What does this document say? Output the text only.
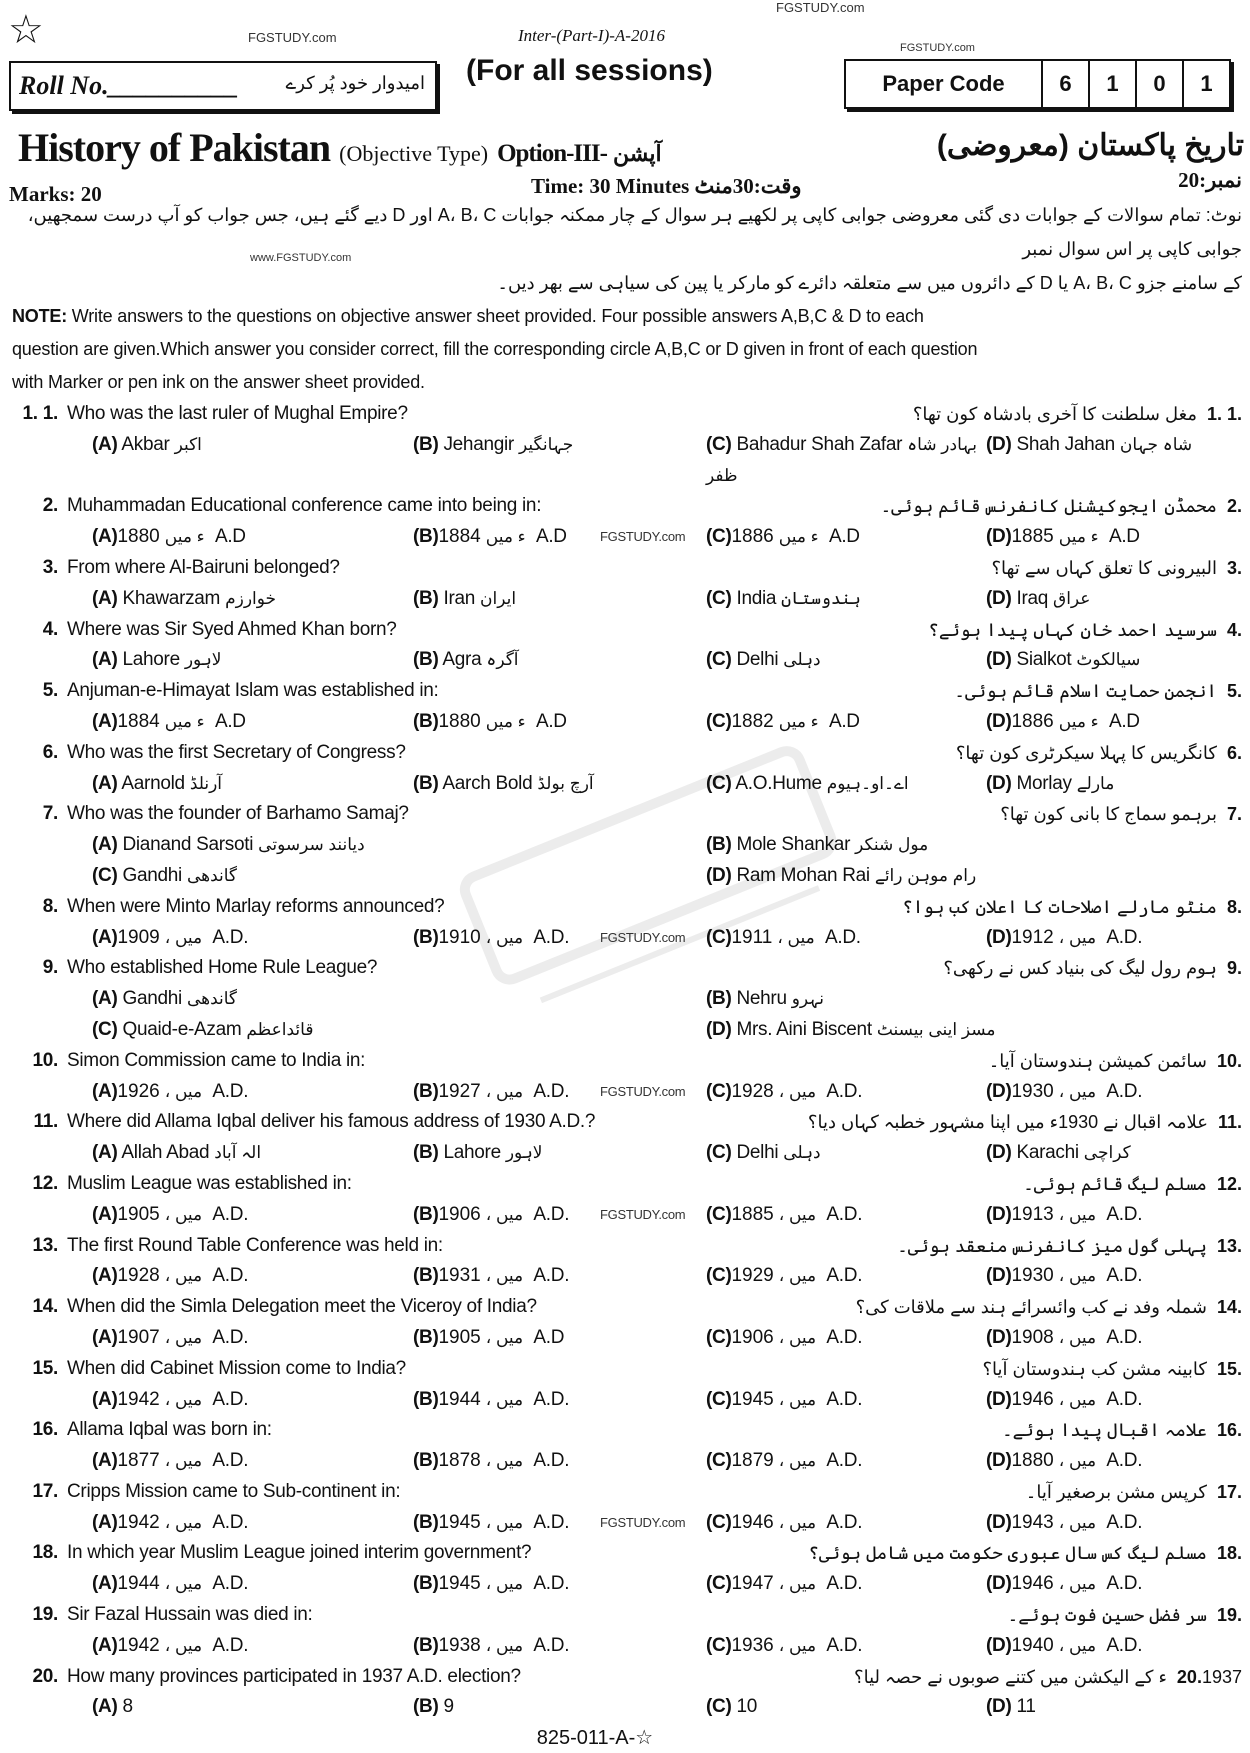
☆
FGSTUDY.com
FGSTUDY.com
FGSTUDY.com
www.FGSTUDY.com
Inter-(Part-I)-A-2016
Roll No.__________	امیدوار خود پُر کرے (For all sessions)	Paper Code	6	1	0	1
History of Pakistan (Objective Type) Option-III- آپشن	تاریخ پاکستان (معروضی)
Marks: 20
نمبر:20
Time: 30 Minutes وقت:30منٹ
نوٹ: تمام سوالات کے جوابات دی گئی معروضی جوابی کاپی پر لکھیے ہر سوال کے چار ممکنہ جوابات A، B، C اور D دیے گئے ہیں، جس جواب کو آپ درست سمجھیں، جوابی کاپی پر اس سوال نمبر
کے سامنے جزو A، B، C یا D کے دائروں میں سے متعلقہ دائرے کو مارکر یا پین کی سیاہی سے بھر دیں۔
NOTE: Write answers to the questions on objective answer sheet provided. Four possible answers A,B,C & D to each
question are given.Which answer you consider correct, fill the corresponding circle A,B,C or D given in front of each question
with Marker or pen ink on the answer sheet provided.
1. 1. Who was the last ruler of Mughal Empire?	1. 1.مغل سلطنت کا آخری بادشاہ کون تھا؟
(A) Akbar اکبر	(B) Jehangir جہانگیر	(C) Bahadur Shah Zafar بہادر شاہ ظفر
(D) Shah Jahan شاہ جہان
2. Muhammadan Educational conference came into being in:	2.محمڈن ایجوکیشنل کانفرنس قائم ہوئی۔
(A)	ء میں1880 A.D	(B)	ء میں1884 A.D	(C)	ء میں1886 A.D	(D)	ء میں1885 A.D
FGSTUDY.com
3. From where Al-Bairuni belonged?	3.البیرونی کا تعلق کہاں سے تھا؟
(A) Khawarzam خوارزم	(B) Iran ایران	(C) India ہندوستان	(D) Iraq عراق
4. Where was Sir Syed Ahmed Khan born?	4.سرسید احمد خان کہاں پیدا ہوئے؟
(A) Lahore لاہور	(B) Agra آگرہ	(C) Delhi دہلی	(D) Sialkot سیالکوٹ
5. Anjuman-e-Himayat Islam was established in:	5.انجمن حمایت اسلام قائم ہوئی۔
(A)	ء میں1884 A.D	(B)	ء میں1880 A.D	(C)	ء میں1882 A.D	(D)	ء میں1886 A.D
6. Who was the first Secretary of Congress?	6.کانگریس کا پہلا سیکرٹری کون تھا؟
(A) Aarnold آرنلڈ	(B) Aarch Bold آرچ بولڈ	(C) A.O.Hume اے۔او۔ہیوم	(D) Morlay مارلے
7. Who was the founder of Barhamo Samaj?	7.برہمو سماج کا بانی کون تھا؟
(A) Dianand Sarsoti دیانند سرسوتی	(B) Mole Shankar مول شنکر
(C) Gandhi گاندھی	(D) Ram Mohan Rai رام موہن رائے
8. When were Minto Marlay reforms announced?	8.منٹو مارلے اصلاحات کا اعلان کب ہوا؟
(A)	میں ،1909 A.D.	(B)	میں ،1910 A.D.	(C)	میں ،1911 A.D.	(D)	میں ،1912 A.D.
FGSTUDY.com
9. Who established Home Rule League?	9.ہوم رول لیگ کی بنیاد کس نے رکھی؟
(A) Gandhi گاندھی	(B) Nehru نہرو
(C) Quaid-e-Azam قائداعظم	(D) Mrs. Aini Biscent مسز اینی بیسنٹ
10. Simon Commission came to India in:	10.سائمن کمیشن ہندوستان آیا۔
(A)	میں ،1926 A.D.	(B)	میں ،1927 A.D.	(C)	میں ،1928 A.D.	(D)	میں ،1930 A.D.
FGSTUDY.com
11. Where did Allama Iqbal deliver his famous address of 1930 A.D.?	11.علامہ اقبال نے 1930ء میں اپنا مشہور خطبہ کہاں دیا؟
(A) Allah Abad الہ آباد	(B) Lahore لاہور	(C) Delhi دہلی	(D) Karachi کراچی
12. Muslim League was established in:	12.مسلم لیگ قائم ہوئی۔
(A)	میں ،1905 A.D.	(B)	میں ،1906 A.D.	(C)	میں ،1885 A.D.	(D)	میں ،1913 A.D.
FGSTUDY.com
13. The first Round Table Conference was held in:	13.پہلی گول میز کانفرنس منعقد ہوئی۔
(A)	میں ،1928 A.D.	(B)	میں ،1931 A.D.	(C)	میں ،1929 A.D.	(D)	میں ،1930 A.D.
14. When did the Simla Delegation meet the Viceroy of India?	14.شملہ وفد نے کب وائسرائے ہند سے ملاقات کی؟
(A)	میں ،1907 A.D.	(B)	میں ،1905 A.D	(C)	میں ،1906 A.D.	(D)	میں ،1908 A.D.
15. When did Cabinet Mission come to India?	15.کابینہ مشن کب ہندوستان آیا؟
(A)	میں ،1942 A.D.	(B)	میں ،1944 A.D.	(C)	میں ،1945 A.D.	(D)	میں ،1946 A.D.
16. Allama Iqbal was born in:	16.علامہ اقبال پیدا ہوئے۔
(A)	میں ،1877 A.D.	(B)	میں ،1878 A.D.	(C)	میں ،1879 A.D.	(D)	میں ،1880 A.D.
17. Cripps Mission came to Sub-continent in:	17.کرپس مشن برصغیر آیا۔
(A)	میں ،1942 A.D.	(B)	میں ،1945 A.D.	(C)	میں ،1946 A.D.	(D)	میں ،1943 A.D.
FGSTUDY.com
18. In which year Muslim League joined interim government?	18.مسلم لیگ کس سال عبوری حکومت میں شامل ہوئی؟
(A)	میں ،1944 A.D.	(B)	میں ،1945 A.D.	(C)	میں ،1947 A.D.	(D)	میں ،1946 A.D.
19. Sir Fazal Hussain was died in:	19.سر فضل حسین فوت ہوئے۔
(A)	میں ،1942 A.D.	(B)	میں ،1938 A.D.	(C)	میں ،1936 A.D.	(D)	میں ،1940 A.D.
20. How many provinces participated in 1937 A.D. election?	20.1937ء کے الیکشن میں کتنے صوبوں نے حصہ لیا؟
(A) 8	(B) 9	(C) 10	(D) 11
825-011-A-☆
